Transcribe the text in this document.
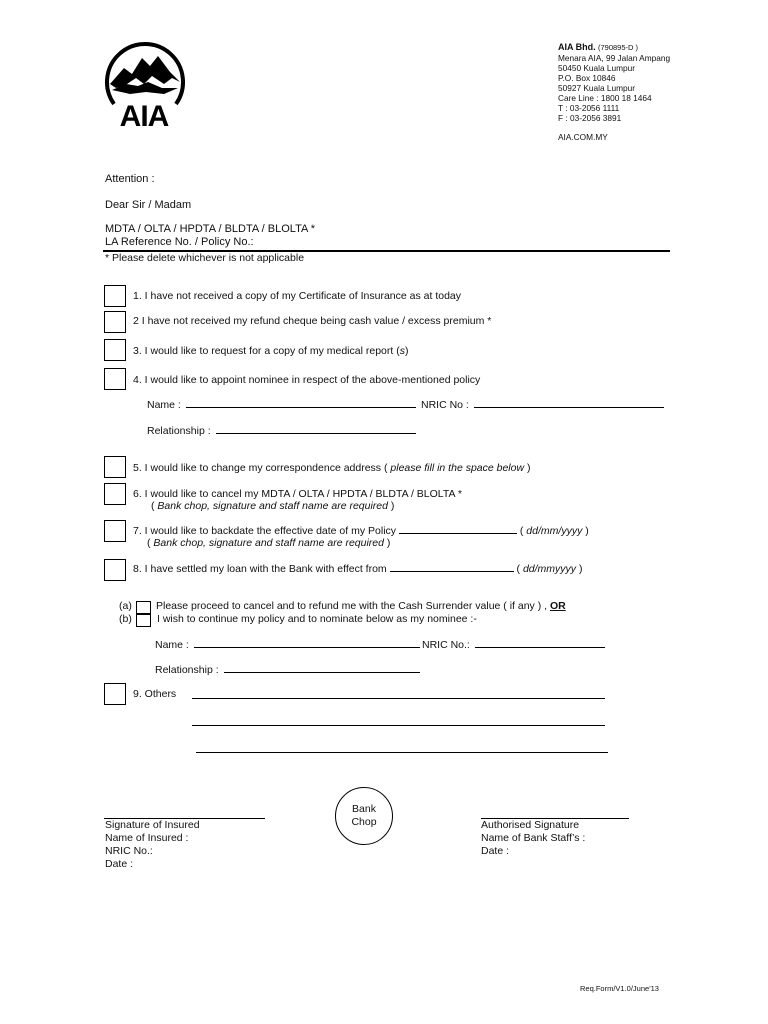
AIA
AIA Bhd. (790895-D )
Menara AIA, 99 Jalan Ampang
50450 Kuala Lumpur
P.O. Box 10846
50927 Kuala Lumpur
Care Line : 1800 18 1464
T : 03-2056 1111
F : 03-2056 3891
AIA.COM.MY
Attention :
Dear Sir / Madam
MDTA / OLTA / HPDTA / BLDTA / BLOLTA *
LA Reference No. / Policy No.:
* Please delete whichever is not applicable
1. I have not received a copy of my Certificate of Insurance as at today
2 I have not received my refund cheque being cash value / excess premium *
3. I would like to request for a copy of my medical report (s)
4. I would like to appoint nominee in respect of the above-mentioned policy
Name :	NRIC No :
Relationship :
5. I would like to change my correspondence address ( please fill in the space below )
6. I would like to cancel my MDTA / OLTA / HPDTA / BLDTA / BLOLTA *
( Bank chop, signature and staff name are required )
7. I would like to backdate the effective date of my Policy	( dd/mm/yyyy )
( Bank chop, signature and staff name are required )
8. I have settled my loan with the Bank with effect from	( dd/mmyyyy )
(a) Please proceed to cancel and to refund me with the Cash Surrender value ( if any ) , OR
(b) I wish to continue my policy and to nominate below as my nominee :-
Name :	NRIC No.:
Relationship :
9. Others
Signature of Insured
Name of Insured :
NRIC No.:
Date :
Bank
Chop	Authorised Signature
Name of Bank Staff’s :
Date :
Req.Form/V1.0/June'13
